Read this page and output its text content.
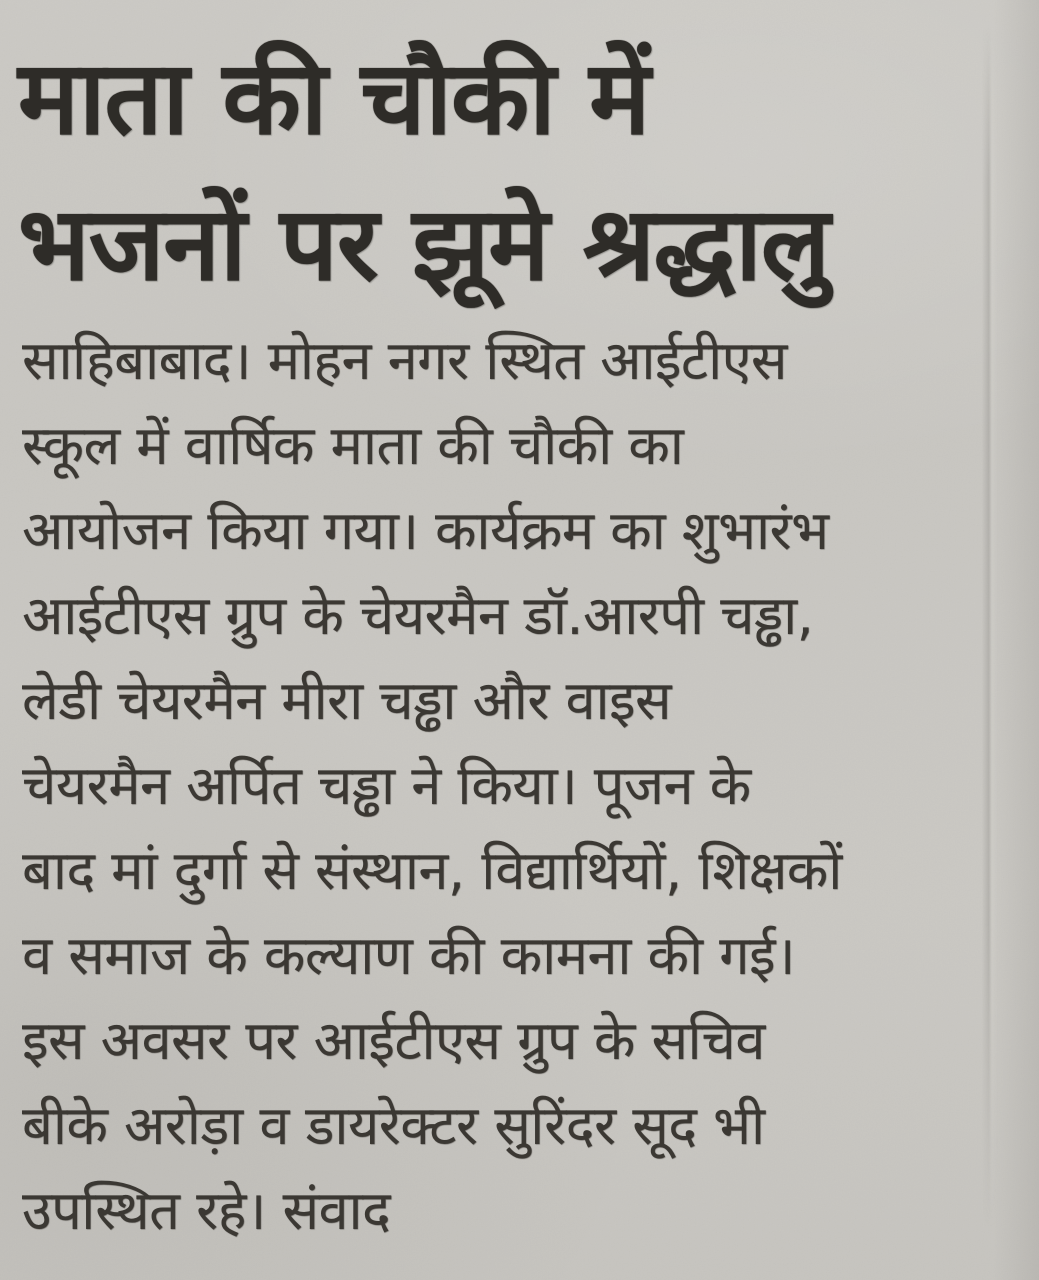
माता की चौकी में
भजनों पर झूमे श्रद्धालु
साहिबाबाद। मोहन नगर स्थित आईटीएस
स्कूल में वार्षिक माता की चौकी का
आयोजन किया गया। कार्यक्रम का शुभारंभ
आईटीएस ग्रुप के चेयरमैन डॉ.आरपी चड्ढा,
लेडी चेयरमैन मीरा चड्ढा और वाइस
चेयरमैन अर्पित चड्ढा ने किया। पूजन के
बाद मां दुर्गा से संस्थान, विद्यार्थियों, शिक्षकों
व समाज के कल्याण की कामना की गई।
इस अवसर पर आईटीएस ग्रुप के सचिव
बीके अरोड़ा व डायरेक्टर सुरिंदर सूद भी
उपस्थित रहे। संवाद
